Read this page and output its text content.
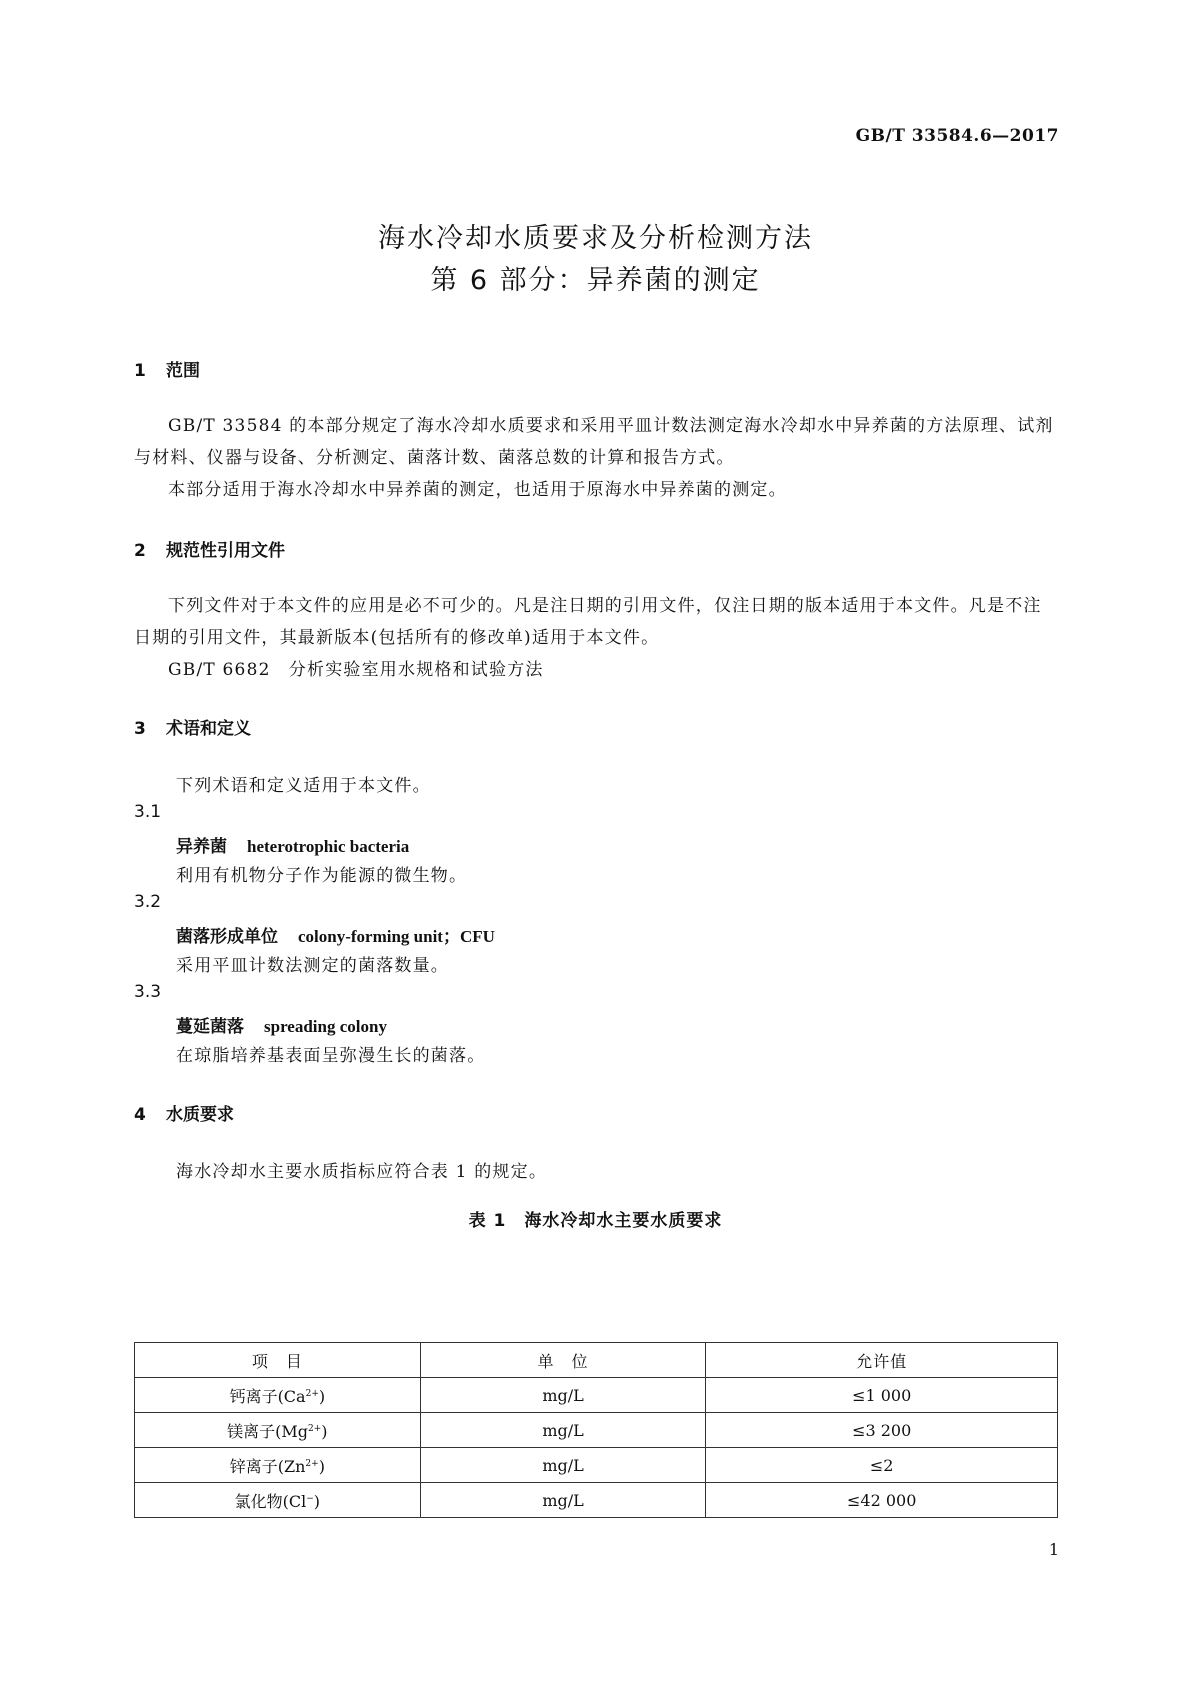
GB/T 33584.6—2017
海水冷却水质要求及分析检测方法
第 6 部分：异养菌的测定
1 范围

GB/T 33584 的本部分规定了海水冷却水质要求和采用平皿计数法测定海水冷却水中异养菌的方法原理、试剂与材料、仪器与设备、分析测定、菌落计数、菌落总数的计算和报告方式。

本部分适用于海水冷却水中异养菌的测定，也适用于原海水中异养菌的测定。

2 规范性引用文件

下列文件对于本文件的应用是必不可少的。凡是注日期的引用文件，仅注日期的版本适用于本文件。凡是不注日期的引用文件，其最新版本(包括所有的修改单)适用于本文件。

GB/T 6682　分析实验室用水规格和试验方法

3 术语和定义
下列术语和定义适用于本文件。
3.1
异养菌 heterotrophic bacteria
利用有机物分子作为能源的微生物。
3.2
菌落形成单位 colony-forming unit；CFU
采用平皿计数法测定的菌落数量。
3.3
蔓延菌落 spreading colony
在琼脂培养基表面呈弥漫生长的菌落。
4 水质要求
海水冷却水主要水质指标应符合表 1 的规定。
表 1　海水冷却水主要水质要求
项　目	单　位	允许值
钙离子$(Ca^{2+})$	mg/L	≤1 000
镁离子$(Mg^{2+})$	mg/L	≤3 200
锌离子$(Zn^{2+})$	mg/L	≤2
氯化物(Cl−)	mg/L	≤42 000
1
